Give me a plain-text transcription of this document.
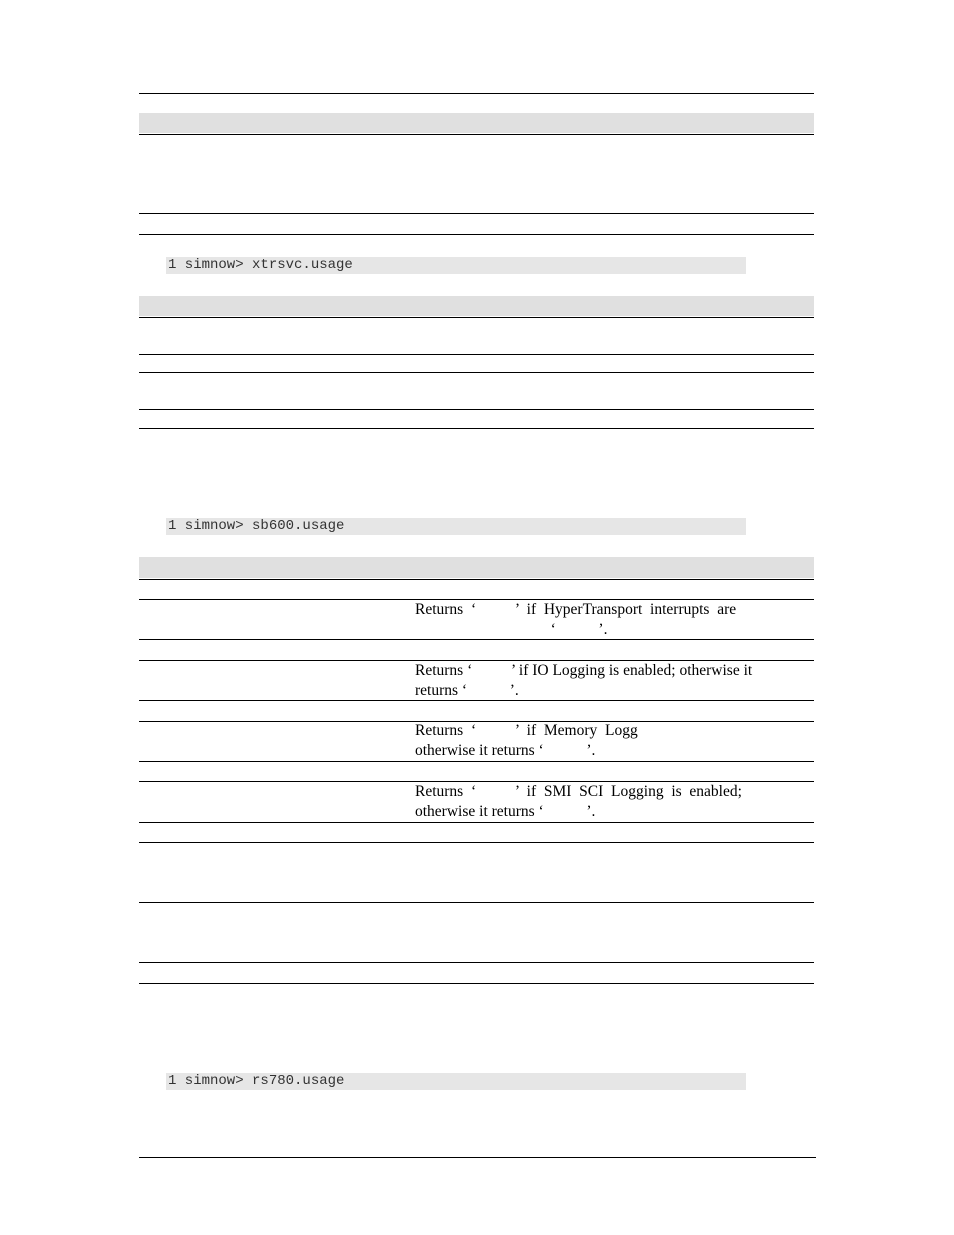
1 simnow> xtrsvc.usage
1 simnow> sb600.usage
Returns  ‘          ’  if  HyperTransport  interrupts  are
‘           ’.
Returns ‘          ’ if IO Logging is enabled; otherwise it
returns ‘           ’.
Returns  ‘          ’  if  Memory  Logg
otherwise it returns ‘           ’.
Returns  ‘          ’  if  SMI  SCI  Logging  is  enabled;
otherwise it returns ‘           ’.
1 simnow> rs780.usage
